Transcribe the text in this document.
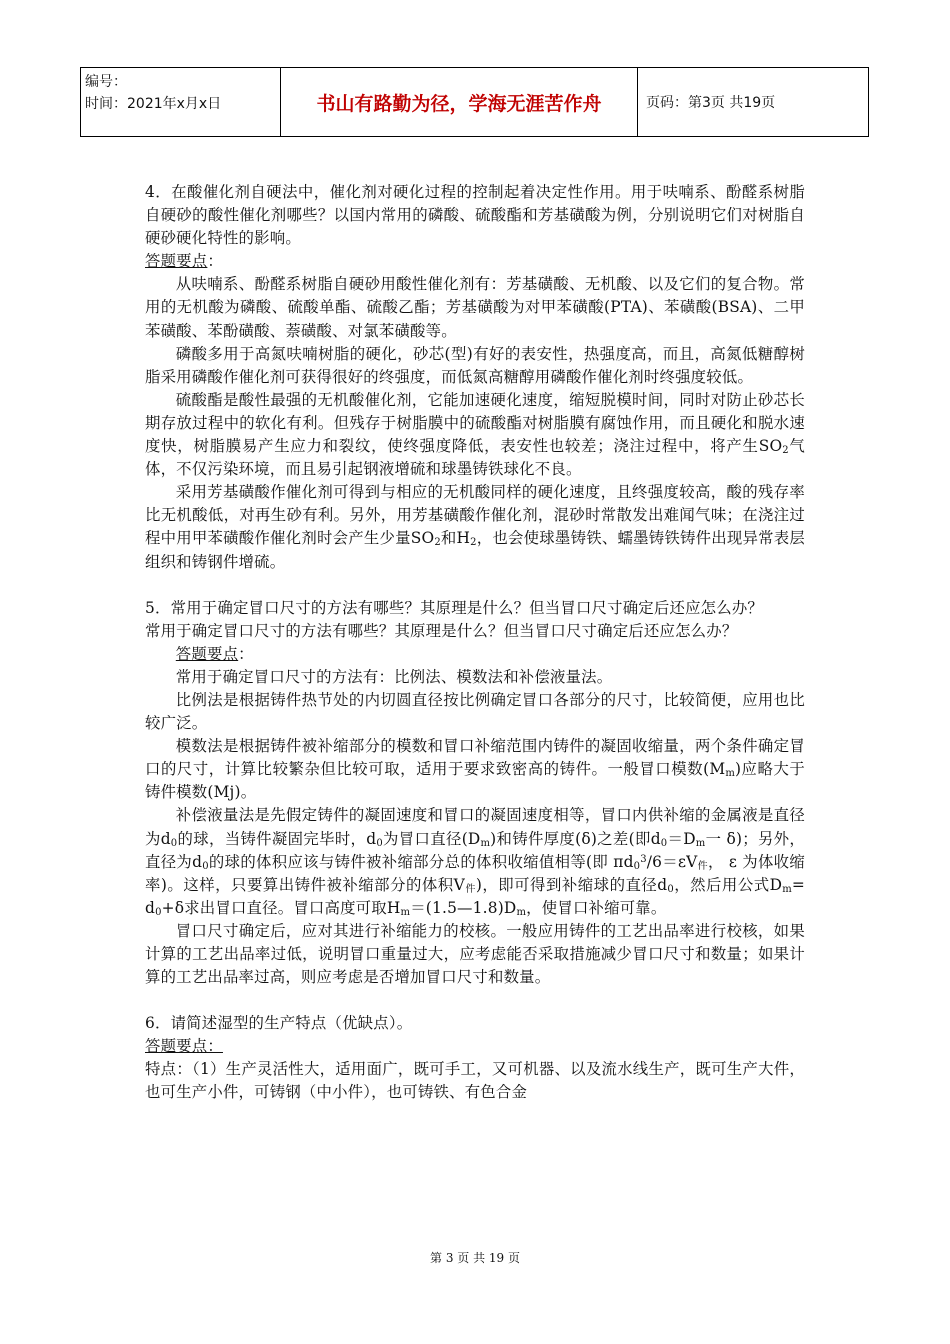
编号：
时间：2021年x月x日	书山有路勤为径，学海无涯苦作舟	页码：第3页 共19页

4．在酸催化剂自硬法中，催化剂对硬化过程的控制起着决定性作用。用于呋喃系、酚醛系树脂自硬砂的酸性催化剂哪些？以国内常用的磷酸、硫酸酯和芳基磺酸为例，分别说明它们对树脂自硬砂硬化特性的影响。

答题要点：

从呋喃系、酚醛系树脂自硬砂用酸性催化剂有：芳基磺酸、无机酸、以及它们的复合物。常用的无机酸为磷酸、硫酸单酯、硫酸乙酯；芳基磺酸为对甲苯磺酸(PTA)、苯磺酸(BSA)、二甲苯磺酸、苯酚磺酸、萘磺酸、对氯苯磺酸等。

磷酸多用于高氮呋喃树脂的硬化，砂芯(型)有好的表安性，热强度高，而且，高氮低糖醇树脂采用磷酸作催化剂可获得很好的终强度，而低氮高糖醇用磷酸作催化剂时终强度较低。

硫酸酯是酸性最强的无机酸催化剂，它能加速硬化速度，缩短脱模时间，同时对防止砂芯长期存放过程中的软化有利。但残存于树脂膜中的硫酸酯对树脂膜有腐蚀作用，而且硬化和脱水速度快，树脂膜易产生应力和裂纹，使终强度降低，表安性也较差；浇注过程中，将产生$SO_2$气体，不仅污染环境，而且易引起钢液增硫和球墨铸铁球化不良。

采用芳基磺酸作催化剂可得到与相应的无机酸同样的硬化速度，且终强度较高，酸的残存率比无机酸低，对再生砂有利。另外，用芳基磺酸作催化剂，混砂时常散发出难闻气味；在浇注过程中用甲苯磺酸作催化剂时会产生少量$SO_2$和$H_2$，也会使球墨铸铁、蠕墨铸铁铸件出现异常表层组织和铸钢件增硫。

5．常用于确定冒口尺寸的方法有哪些？其原理是什么？但当冒口尺寸确定后还应怎么办？

常用于确定冒口尺寸的方法有哪些？其原理是什么？但当冒口尺寸确定后还应怎么办？

答题要点：

常用于确定冒口尺寸的方法有：比例法、模数法和补偿液量法。

比例法是根据铸件热节处的内切圆直径按比例确定冒口各部分的尺寸，比较简便，应用也比较广泛。

模数法是根据铸件被补缩部分的模数和冒口补缩范围内铸件的凝固收缩量，两个条件确定冒口的尺寸，计算比较繁杂但比较可取，适用于要求致密高的铸件。一般冒口模数$(M_m)$应略大于铸件模数(Mj)。

补偿液量法是先假定铸件的凝固速度和冒口的凝固速度相等，冒口内供补缩的金属液是直径为$d_0$的球，当铸件凝固完毕时，$d_0$为冒口直径$(D_m)$和铸件厚度(δ)之差(即$d_0=D_m$一 δ)；另外，直径为$d_0$的球的体积应该与铸件被补缩部分总的体积收缩值相等(即 $\pi d_0^3/6=\varepsilon V_件$， ε 为体收缩率)。这样，只要算出铸件被补缩部分的体积$V_件$)，即可得到补缩球的直径$d_0$，然后用公式$D_m= d_0+\delta$求出冒口直径。冒口高度可取$H_m=(1.5—1.8)D_m$，使冒口补缩可靠。

冒口尺寸确定后，应对其进行补缩能力的校核。一般应用铸件的工艺出品率进行校核，如果计算的工艺出品率过低，说明冒口重量过大，应考虑能否采取措施减少冒口尺寸和数量；如果计算的工艺出品率过高，则应考虑是否增加冒口尺寸和数量。

6．请简述湿型的生产特点（优缺点）。

答题要点：

特点：（1）生产灵活性大，适用面广，既可手工，又可机器、以及流水线生产，既可生产大件，也可生产小件，可铸钢（中小件），也可铸铁、有色合金

第 3 页 共 19 页
